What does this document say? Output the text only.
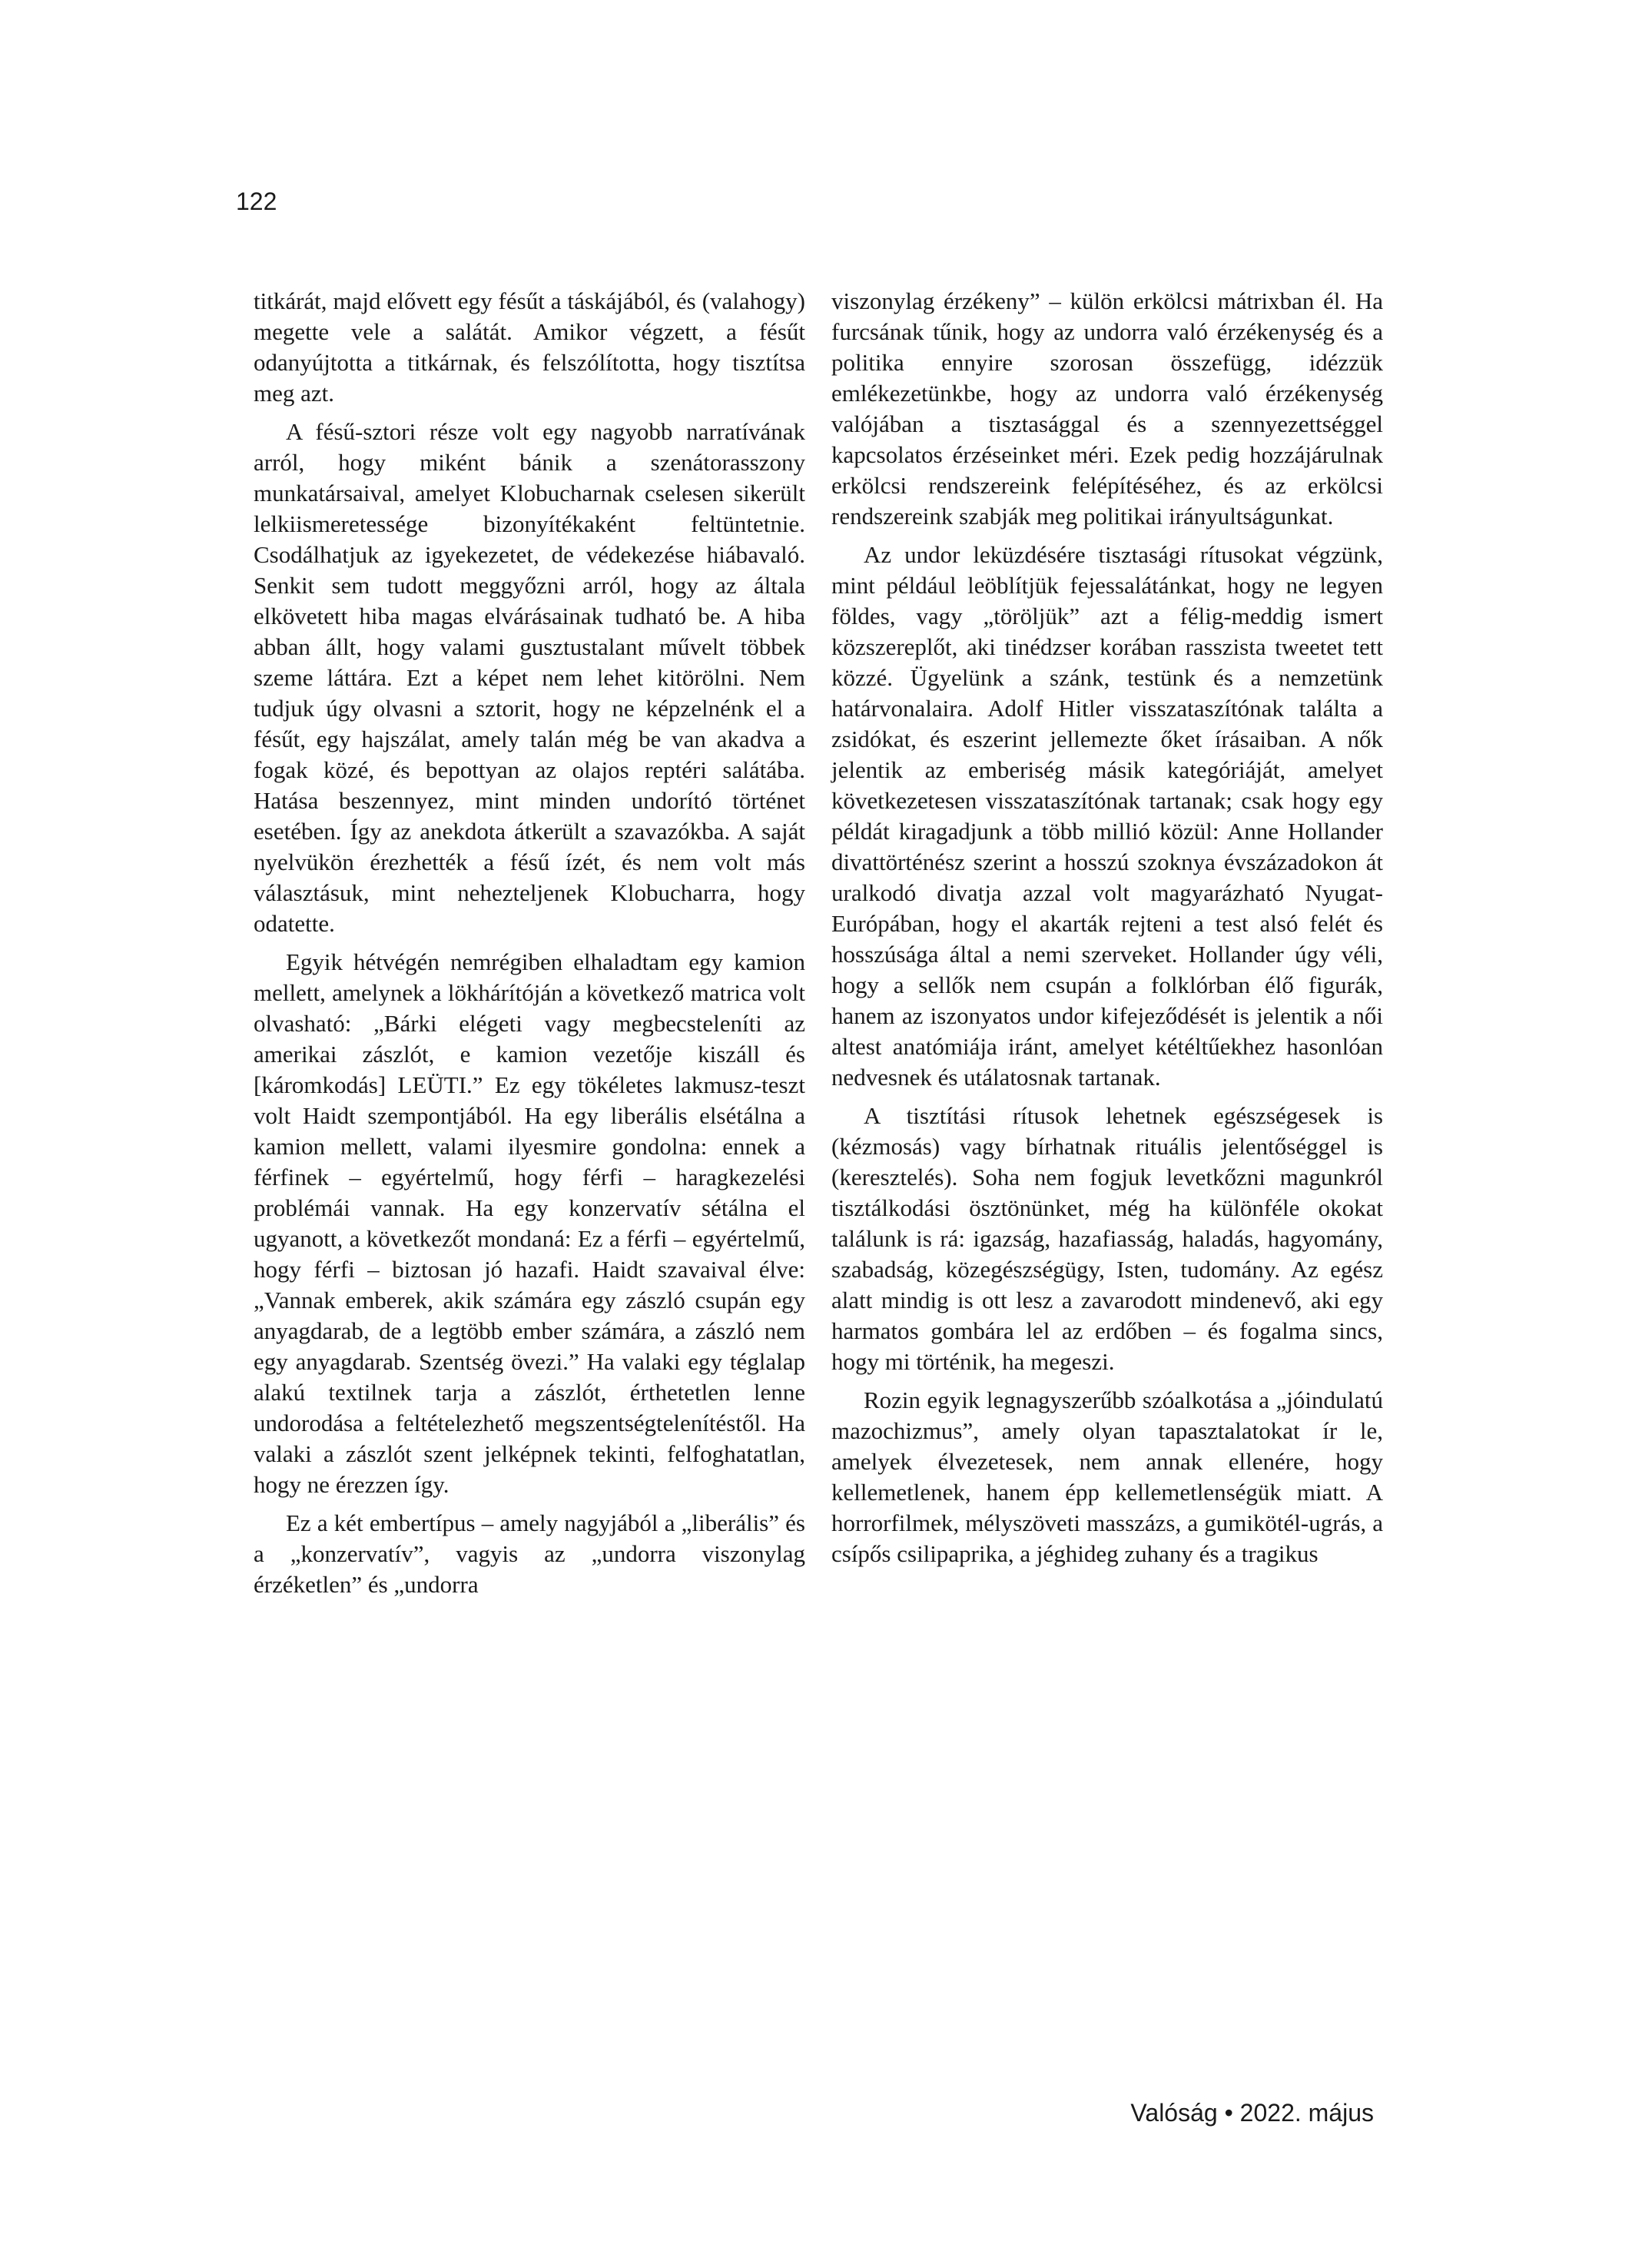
122

titkárát, majd elővett egy fésűt a táskájából, és (valahogy) megette vele a salátát. Amikor végzett, a fésűt odanyújtotta a titkárnak, és felszólította, hogy tisztítsa meg azt.

A fésű-sztori része volt egy nagyobb narratívának arról, hogy miként bánik a szenátorasszony munkatársaival, amelyet Klobucharnak cselesen sikerült lelkiismeretessége bizonyítékaként feltüntetnie. Csodálhatjuk az igyekezetet, de védekezése hiábavaló. Senkit sem tudott meggyőzni arról, hogy az általa elkövetett hiba magas elvárásainak tudható be. A hiba abban állt, hogy valami gusztustalant művelt többek szeme láttára. Ezt a képet nem lehet kitörölni. Nem tudjuk úgy olvasni a sztorit, hogy ne képzelnénk el a fésűt, egy hajszálat, amely talán még be van akadva a fogak közé, és bepottyan az olajos reptéri salátába. Hatása beszennyez, mint minden undorító történet esetében. Így az anekdota átkerült a szavazókba. A saját nyelvükön érezhették a fésű ízét, és nem volt más választásuk, mint nehezteljenek Klobucharra, hogy odatette.

Egyik hétvégén nemrégiben elhaladtam egy kamion mellett, amelynek a lökhárítóján a következő matrica volt olvasható: „Bárki elégeti vagy megbecsteleníti az amerikai zászlót, e kamion vezetője kiszáll és [káromkodás] LEÜTI.” Ez egy tökéletes lakmusz-teszt volt Haidt szempontjából. Ha egy liberális elsétálna a kamion mellett, valami ilyesmire gondolna: ennek a férfinek – egyértelmű, hogy férfi – haragkezelési problémái vannak. Ha egy konzervatív sétálna el ugyanott, a következőt mondaná: Ez a férfi – egyértelmű, hogy férfi – biztosan jó hazafi. Haidt szavaival élve: „Vannak emberek, akik számára egy zászló csupán egy anyagdarab, de a legtöbb ember számára, a zászló nem egy anyagdarab. Szentség övezi.” Ha valaki egy téglalap alakú textilnek tarja a zászlót, érthetetlen lenne undorodása a feltételezhető megszentségtelenítéstől. Ha valaki a zászlót szent jelképnek tekinti, felfoghatatlan, hogy ne érezzen így.

Ez a két embertípus – amely nagyjából a „liberális” és a „konzervatív”, vagyis az „undorra viszonylag érzéketlen” és „undorra

viszonylag érzékeny” – külön erkölcsi mátrixban él. Ha furcsának tűnik, hogy az undorra való érzékenység és a politika ennyire szorosan összefügg, idézzük emlékezetünkbe, hogy az undorra való érzékenység valójában a tisztasággal és a szennyezettséggel kapcsolatos érzéseinket méri. Ezek pedig hozzájárulnak erkölcsi rendszereink felépítéséhez, és az erkölcsi rendszereink szabják meg politikai irányultságunkat.

Az undor leküzdésére tisztasági rítusokat végzünk, mint például leöblítjük fejessalátánkat, hogy ne legyen földes, vagy „töröljük” azt a félig-meddig ismert közszereplőt, aki tinédzser korában rasszista tweetet tett közzé. Ügyelünk a szánk, testünk és a nemzetünk határvonalaira. Adolf Hitler visszataszítónak találta a zsidókat, és eszerint jellemezte őket írásaiban. A nők jelentik az emberiség másik kategóriáját, amelyet következetesen visszataszítónak tartanak; csak hogy egy példát kiragadjunk a több millió közül: Anne Hollander divattörténész szerint a hosszú szoknya évszázadokon át uralkodó divatja azzal volt magyarázható Nyugat-Európában, hogy el akarták rejteni a test alsó felét és hosszúsága által a nemi szerveket. Hollander úgy véli, hogy a sellők nem csupán a folklórban élő figurák, hanem az iszonyatos undor kifejeződését is jelentik a női altest anatómiája iránt, amelyet kétéltűekhez hasonlóan nedvesnek és utálatosnak tartanak.

A tisztítási rítusok lehetnek egészségesek is (kézmosás) vagy bírhatnak rituális jelentőséggel is (keresztelés). Soha nem fogjuk levetkőzni magunkról tisztálkodási ösztönünket, még ha különféle okokat találunk is rá: igazság, hazafiasság, haladás, hagyomány, szabadság, közegészségügy, Isten, tudomány. Az egész alatt mindig is ott lesz a zavarodott mindenevő, aki egy harmatos gombára lel az erdőben – és fogalma sincs, hogy mi történik, ha megeszi.

Rozin egyik legnagyszerűbb szóalkotása a „jóindulatú mazochizmus”, amely olyan tapasztalatokat ír le, amelyek élvezetesek, nem annak ellenére, hogy kellemetlenek, hanem épp kellemetlenségük miatt. A horrorfilmek, mélyszöveti masszázs, a gumikötél-ugrás, a csípős csilipaprika, a jéghideg zuhany és a tragikus

Valóság • 2022. május
